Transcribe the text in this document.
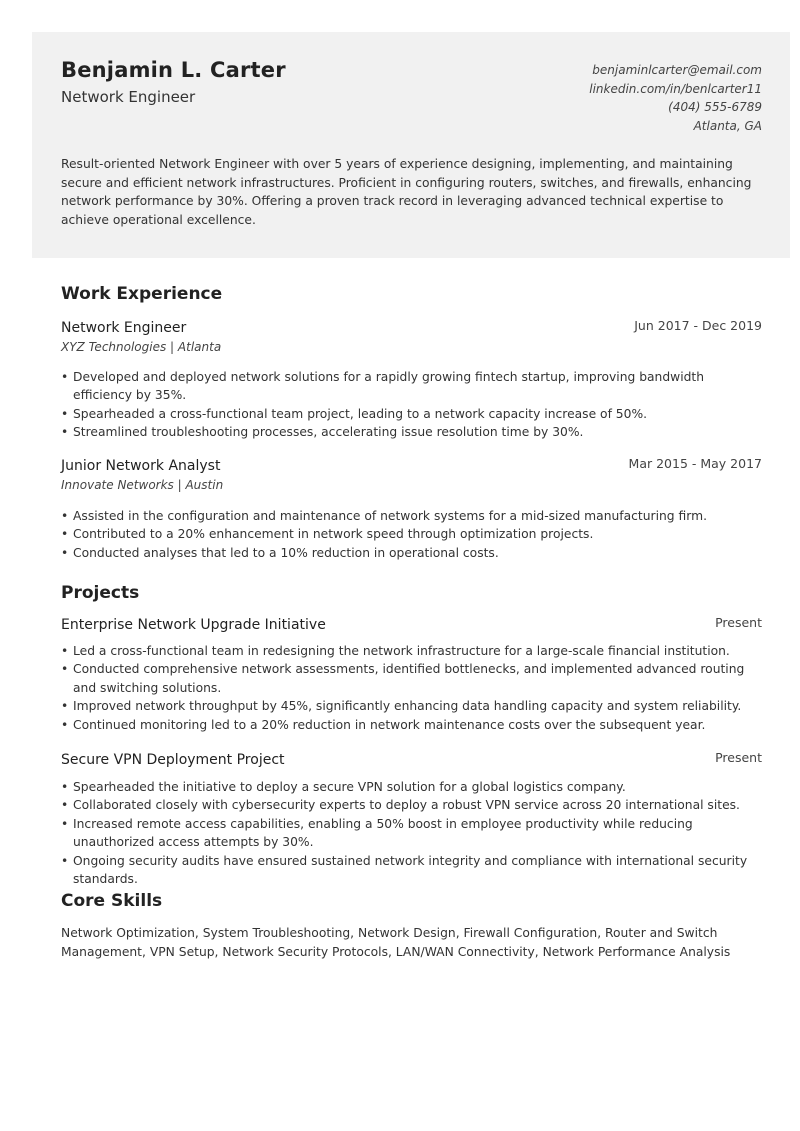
Benjamin L. Carter
Network Engineer
benjaminlcarter@email.com
linkedin.com/in/benlcarter11
(404) 555-6789
Atlanta, GA
Result-oriented Network Engineer with over 5 years of experience designing, implementing, and maintaining secure and efficient network infrastructures. Proficient in configuring routers, switches, and firewalls, enhancing network performance by 30%. Offering a proven track record in leveraging advanced technical expertise to achieve operational excellence.
Work Experience
Network Engineer	Jun 2017 - Dec 2019
XYZ Technologies | Atlanta
• Developed and deployed network solutions for a rapidly growing fintech startup, improving bandwidth efficiency by 35%.
• Spearheaded a cross-functional team project, leading to a network capacity increase of 50%.
• Streamlined troubleshooting processes, accelerating issue resolution time by 30%.
Junior Network Analyst	Mar 2015 - May 2017
Innovate Networks | Austin
• Assisted in the configuration and maintenance of network systems for a mid-sized manufacturing firm.
• Contributed to a 20% enhancement in network speed through optimization projects.
• Conducted analyses that led to a 10% reduction in operational costs.
Projects
Enterprise Network Upgrade Initiative	Present
• Led a cross-functional team in redesigning the network infrastructure for a large-scale financial institution.
• Conducted comprehensive network assessments, identified bottlenecks, and implemented advanced routing and switching solutions.
• Improved network throughput by 45%, significantly enhancing data handling capacity and system reliability.
• Continued monitoring led to a 20% reduction in network maintenance costs over the subsequent year.
Secure VPN Deployment Project	Present
• Spearheaded the initiative to deploy a secure VPN solution for a global logistics company.
• Collaborated closely with cybersecurity experts to deploy a robust VPN service across 20 international sites.
• Increased remote access capabilities, enabling a 50% boost in employee productivity while reducing unauthorized access attempts by 30%.
• Ongoing security audits have ensured sustained network integrity and compliance with international security standards.
Core Skills
Network Optimization, System Troubleshooting, Network Design, Firewall Configuration, Router and Switch Management, VPN Setup, Network Security Protocols, LAN/WAN Connectivity, Network Performance Analysis
